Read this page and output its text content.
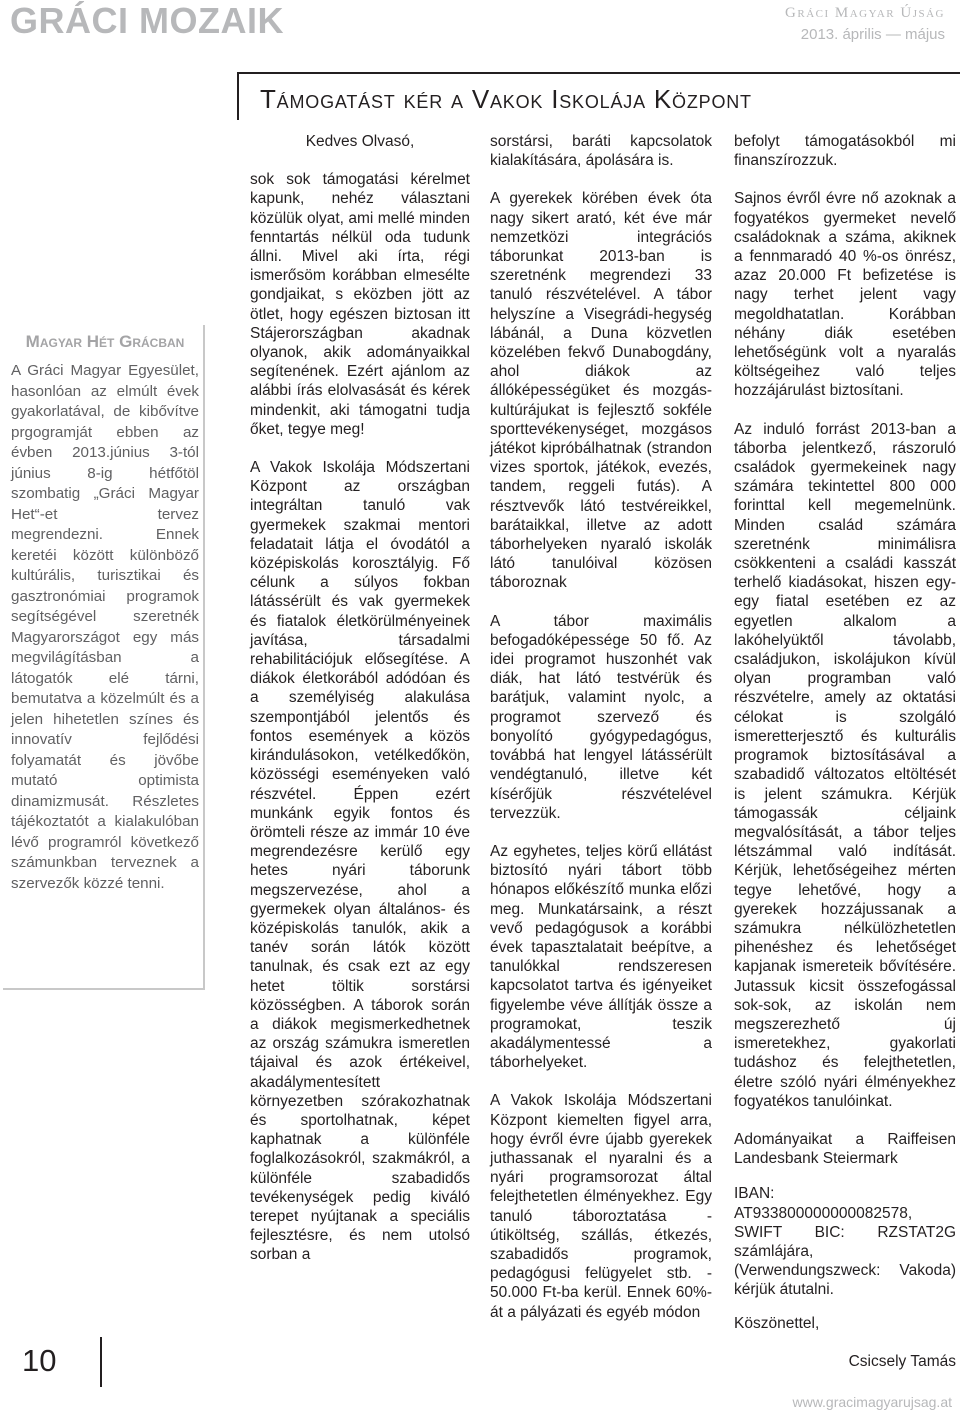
GRÁCI MOZAIK	Gráci Magyar Újság
2013. április — május
Támogatást kér a Vakok Iskolája Központ
Magyar Hét Grácban
A Gráci Magyar Egyesület, hasonlóan az elmúlt évek gyakorlatával, de kibővítve prgogramját ebben az évben 2013.június 3-tól június 8-ig hétfőtöl szombatig „Gráci Magyar Het“-et tervez megrendezni. Ennek keretéi között különböző kultúrális, turisztikai és gasztronómiai programok segítségével szeretnék Magyarországot egy más megvilágításban a látogatók elé tárni, bemutatva a közelmúlt és a jelen hihetetlen színes és innovatív fejlődési folyamatát és jövőbe mutató optimista dinamizmusát. Részletes tájékoztatót a kialakulóban lévő programról következő számunkban terveznek a szervezők közzé tenni.

Kedves Olvasó,

sok sok támogatási kérelmet kapunk, nehéz választani közülük olyat, ami mellé minden fenntartás nélkül oda tudunk állni. Mivel aki írta, régi ismerősöm korábban elmesélte gondjaikat, s eközben jött az ötlet, hogy egészen biztosan itt Stájerországban akadnak olyanok, akik adományaikkal segítenének. Ezért ajánlom az alábbi írás elolvasását és kérek mindenkit, aki támogatni tudja őket, tegye meg!

A Vakok Iskolája Módszertani Központ az országban integráltan tanuló vak gyermekek szakmai mentori feladatait látja el óvodától a középiskolás korosztályig. Fő célunk a súlyos fokban látássérült és vak gyermekek és fiatalok életkörülményeinek javítása, társadalmi rehabilitációjuk elősegítése. A diákok életkorából adódóan és a személyiség alakulása szempontjából jelentős és fontos események a közös kirándulásokon, vetélkedőkön, közösségi eseményeken való részvétel. Éppen ezért munkánk egyik fontos és örömteli része az immár 10 éve megrendezésre kerülő egy hetes nyári táborunk megszervezése, ahol a gyermekek olyan általános- és középiskolás tanulók, akik a tanév során látók között tanulnak, és csak ezt az egy hetet töltik sorstársi közösségben. A táborok során a diákok megismerkedhetnek az ország számukra ismeretlen tájaival és azok értékeivel, akadálymentesített környezetben szórakozhatnak és sportolhatnak, képet kaphatnak a különféle foglalkozásokról, szakmákról, a különféle szabadidős tevékenységek pedig kiváló terepet nyújtanak a speciális fejlesztésre, és nem utolsó sorban a

sorstársi, baráti kapcsolatok kialakítására, ápolására is.

A gyerekek körében évek óta nagy sikert arató, két éve már nemzetközi integrációs táborunkat 2013-ban is szeretnénk megrendezi 33 tanuló részvételével. A tábor helyszíne a Visegrádi-hegység lábánál, a Duna közvetlen közelében fekvő Dunabogdány, ahol diákok az állóképességüket és mozgás-kultúrájukat is fejlesztő sokféle sporttevékenységet, mozgásos játékot kipróbálhatnak (strandon vizes sportok, játékok, evezés, tandem, reggeli futás). A résztvevők látó testvéreikkel, barátaikkal, illetve az adott táborhelyeken nyaraló iskolák látó tanulóival közösen táboroznak

A tábor maximális befogadóképessége 50 fő. Az idei programot huszonhét vak diák, hat látó testvérük és barátjuk, valamint nyolc, a programot szervező és bonyolító gyógypedagógus, továbbá hat lengyel látássérült vendégtanuló, illetve két kísérőjük részvételével tervezzük.

Az egyhetes, teljes körű ellátást biztosító nyári tábort több hónapos előkészítő munka előzi meg. Munkatársaink, a részt vevő pedagógusok a korábbi évek tapasztalatait beépítve, a tanulókkal rendszeresen kapcsolatot tartva és igényeiket figyelembe véve állítják össze a programokat, teszik akadálymentessé a táborhelyeket.

A Vakok Iskolája Módszertani Központ kiemelten figyel arra, hogy évről évre újabb gyerekek juthassanak el nyaralni és a nyári programsorozat által felejthetetlen élményekhez. Egy tanuló táboroztatása - útiköltség, szállás, étkezés, szabadidős programok, pedagógusi felügyelet stb. - 50.000 Ft-ba kerül. Ennek 60%-át a pályázati és egyéb módon

befolyt támogatásokból mi finanszírozzuk.

Sajnos évről évre nő azoknak a fogyatékos gyermeket nevelő családoknak a száma, akiknek a fennmaradó 40 %-os önrész, azaz 20.000 Ft befizetése is nagy terhet jelent vagy megoldhatatlan. Korábban néhány diák esetében lehetőségünk volt a nyaralás költségeihez való teljes hozzájárulást biztosítani.

Az induló forrást 2013-ban a táborba jelentkező, rászoruló családok gyermekeinek nagy számára tekintettel 800 000 forinttal kell megemelnünk. Minden család számára szeretnénk minimálisra csökkenteni a családi kasszát terhelő kiadásokat, hiszen egy-egy fiatal esetében ez az egyetlen alkalom a lakóhelyüktől távolabb, családjukon, iskolájukon kívül olyan programban való részvételre, amely az oktatási célokat is szolgáló ismeretterjesztő és kulturális programok biztosításával a szabadidő változatos eltöltését is jelent számukra. Kérjük támogassák céljaink megvalósítását, a tábor teljes létszámmal való indítását. Kérjük, lehetőségeihez mérten tegye lehetővé, hogy a gyerekek hozzájussanak a számukra nélkülözhetetlen pihenéshez és lehetőséget kapjanak ismereteik bővítésére. Jutassuk kicsit összefogással sok-sok, az iskolán nem megszerezhető új ismeretekhez, gyakorlati tudáshoz és felejthetetlen, életre szóló nyári élményekhez fogyatékos tanulóinkat.

Adományaikat a Raiffeisen Landesbank Steiermark

IBAN: AT933800000000082578, SWIFT BIC: RZSTAT2G számlájára, (Verwendungszweck: Vakoda) kérjük átutalni.

Köszönettel,

Csicsely Tamás

10
www.gracimagyarujsag.at
